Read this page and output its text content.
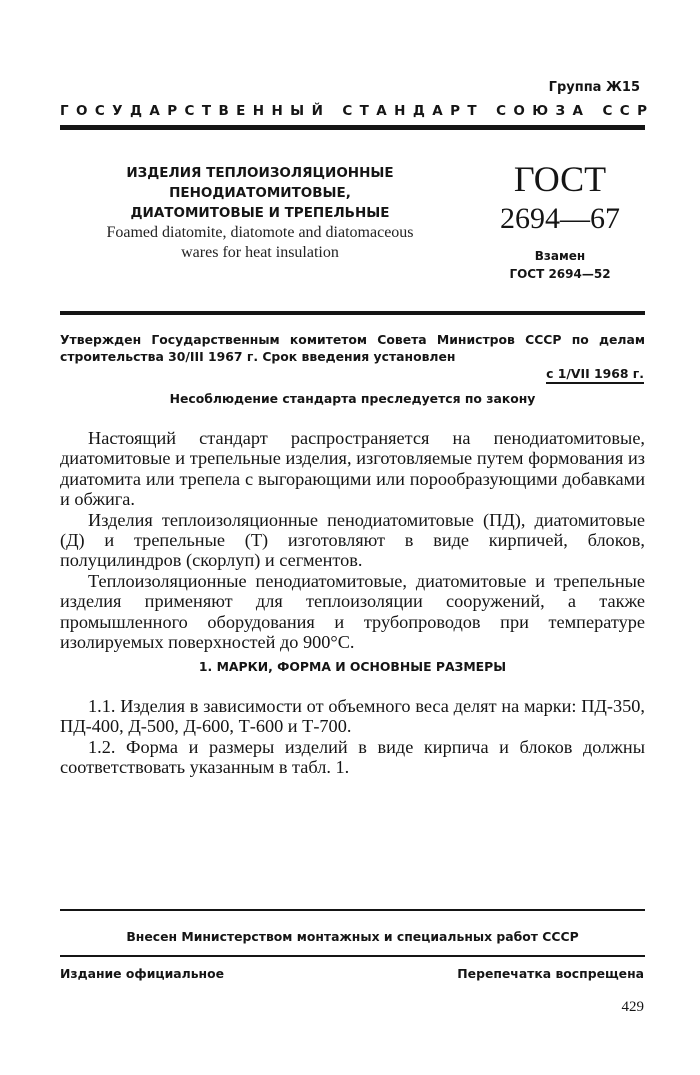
Группа Ж15
ГОСУДАРСТВЕННЫЙ СТАНДАРТ СОЮЗА ССР
ИЗДЕЛИЯ ТЕПЛОИЗОЛЯЦИОННЫЕ
ПЕНОДИАТОМИТОВЫЕ,
ДИАТОМИТОВЫЕ И ТРЕПЕЛЬНЫЕ
Foamed diatomite, diatomote and diatomaceous
wares for heat insulation
ГОСТ
2694—67
Взамен
ГОСТ 2694—52
Утвержден Государственным комитетом Совета Министров СССР по делам строительства 30/III 1967 г. Срок введения установлен
с 1/VII 1968 г.
Несоблюдение стандарта преследуется по закону

Настоящий стандарт распространяется на пенодиатомитовые, диатомитовые и трепельные изделия, изготовляемые путем формования из диатомита или трепела с выгорающими или порообразующими добавками и обжига.

Изделия теплоизоляционные пенодиатомитовые (ПД), диатомитовые (Д) и трепельные (Т) изготовляют в виде кирпичей, блоков, полуцилиндров (скорлуп) и сегментов.

Теплоизоляционные пенодиатомитовые, диатомитовые и трепельные изделия применяют для теплоизоляции сооружений, а также промышленного оборудования и трубопроводов при температуре изолируемых поверхностей до 900°С.

1. МАРКИ, ФОРМА И ОСНОВНЫЕ РАЗМЕРЫ

1.1. Изделия в зависимости от объемного веса делят на марки: ПД-350, ПД-400, Д-500, Д-600, Т-600 и Т-700.

1.2. Форма и размеры изделий в виде кирпича и блоков должны соответствовать указанным в табл. 1.

Внесен Министерством монтажных и специальных работ СССР
Издание официальное	Перепечатка воспрещена
429
